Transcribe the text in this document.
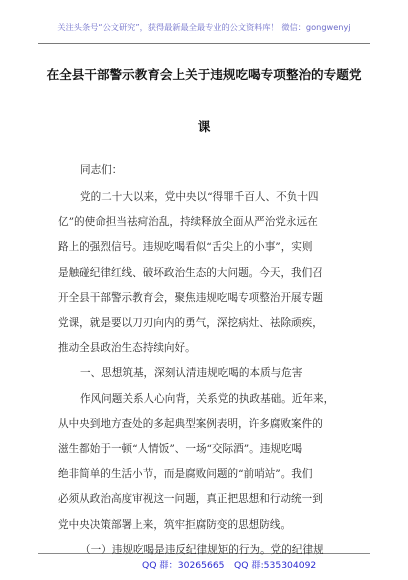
关注头条号“公文研究”，获得最新最全最专业的公文资料库！ 微信：gongwenyj
在全县干部警示教育会上关于违规吃喝专项整治的专题党
课
同志们：
党的二十大以来，党中央以“得罪千百人、不负十四
亿”的使命担当祛疴治乱，持续释放全面从严治党永远在
路上的强烈信号。违规吃喝看似“舌尖上的小事”，实则
是触碰纪律红线、破坏政治生态的大问题。今天，我们召
开全县干部警示教育会，聚焦违规吃喝专项整治开展专题
党课，就是要以刀刃向内的勇气，深挖病灶、祛除顽疾，
推动全县政治生态持续向好。
一、思想筑基，深刻认清违规吃喝的本质与危害
作风问题关系人心向背，关系党的执政基础。近年来，
从中央到地方查处的多起典型案例表明，许多腐败案件的
滋生都始于一顿“人情饭”、一场“交际酒”。违规吃喝
绝非简单的生活小节，而是腐败问题的“前哨站”。我们
必须从政治高度审视这一问题，真正把思想和行动统一到
党中央决策部署上来，筑牢拒腐防变的思想防线。
QQ 群：30265665 QQ 群:535304092
（一）违规吃喝是违反纪律规矩的行为。党的纪律规
